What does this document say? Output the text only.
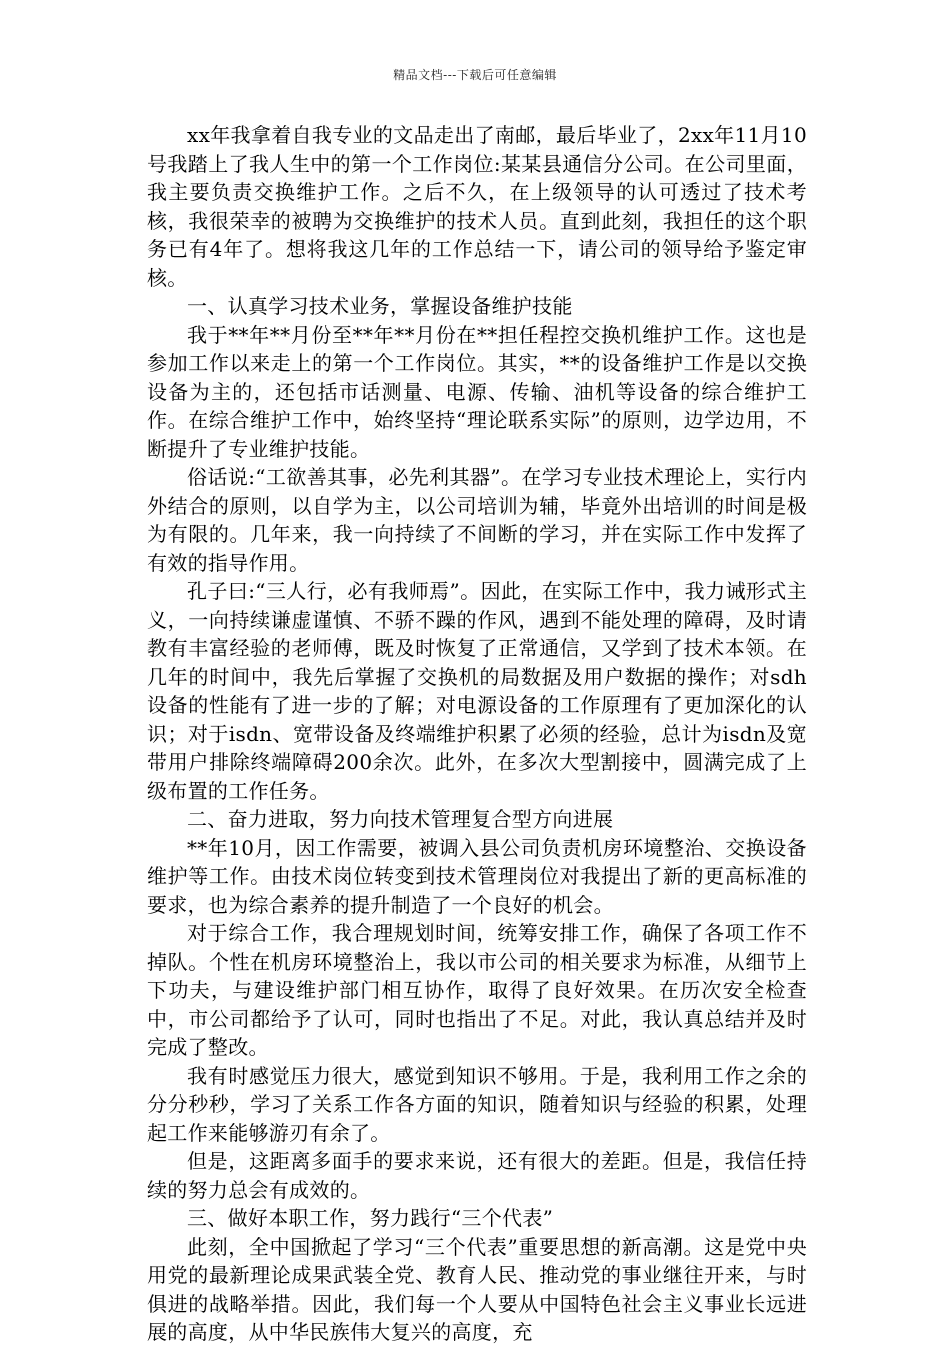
精品文档---下载后可任意编辑

xx年我拿着自我专业的文品走出了南邮，最后毕业了，2xx年11月10号我踏上了我人生中的第一个工作岗位:某某县通信分公司。在公司里面，我主要负责交换维护工作。之后不久，在上级领导的认可透过了技术考核，我很荣幸的被聘为交换维护的技术人员。直到此刻，我担任的这个职务已有4年了。想将我这几年的工作总结一下，请公司的领导给予鉴定审核。

一、认真学习技术业务，掌握设备维护技能

我于**年**月份至**年**月份在**担任程控交换机维护工作。这也是参加工作以来走上的第一个工作岗位。其实，**的设备维护工作是以交换设备为主的，还包括市话测量、电源、传输、油机等设备的综合维护工作。在综合维护工作中，始终坚持“理论联系实际”的原则，边学边用，不断提升了专业维护技能。

俗话说:“工欲善其事，必先利其器”。在学习专业技术理论上，实行内外结合的原则，以自学为主，以公司培训为辅，毕竟外出培训的时间是极为有限的。几年来，我一向持续了不间断的学习，并在实际工作中发挥了有效的指导作用。

孔子曰:“三人行，必有我师焉”。因此，在实际工作中，我力诫形式主义，一向持续谦虚谨慎、不骄不躁的作风，遇到不能处理的障碍，及时请教有丰富经验的老师傅，既及时恢复了正常通信，又学到了技术本领。在几年的时间中，我先后掌握了交换机的局数据及用户数据的操作；对sdh设备的性能有了进一步的了解；对电源设备的工作原理有了更加深化的认识；对于isdn、宽带设备及终端维护积累了必须的经验，总计为isdn及宽带用户排除终端障碍200余次。此外，在多次大型割接中，圆满完成了上级布置的工作任务。

二、奋力进取，努力向技术管理复合型方向进展

**年10月，因工作需要，被调入县公司负责机房环境整治、交换设备维护等工作。由技术岗位转变到技术管理岗位对我提出了新的更高标准的要求，也为综合素养的提升制造了一个良好的机会。

对于综合工作，我合理规划时间，统筹安排工作，确保了各项工作不掉队。个性在机房环境整治上，我以市公司的相关要求为标准，从细节上下功夫，与建设维护部门相互协作，取得了良好效果。在历次安全检查中，市公司都给予了认可，同时也指出了不足。对此，我认真总结并及时完成了整改。

我有时感觉压力很大，感觉到知识不够用。于是，我利用工作之余的分分秒秒，学习了关系工作各方面的知识，随着知识与经验的积累，处理起工作来能够游刃有余了。

但是，这距离多面手的要求来说，还有很大的差距。但是，我信任持续的努力总会有成效的。

三、做好本职工作，努力践行“三个代表”

此刻，全中国掀起了学习“三个代表”重要思想的新高潮。这是党中央用党的最新理论成果武装全党、教育人民、推动党的事业继往开来，与时俱进的战略举措。因此，我们每一个人要从中国特色社会主义事业长远进展的高度，从中华民族伟大复兴的高度，充
